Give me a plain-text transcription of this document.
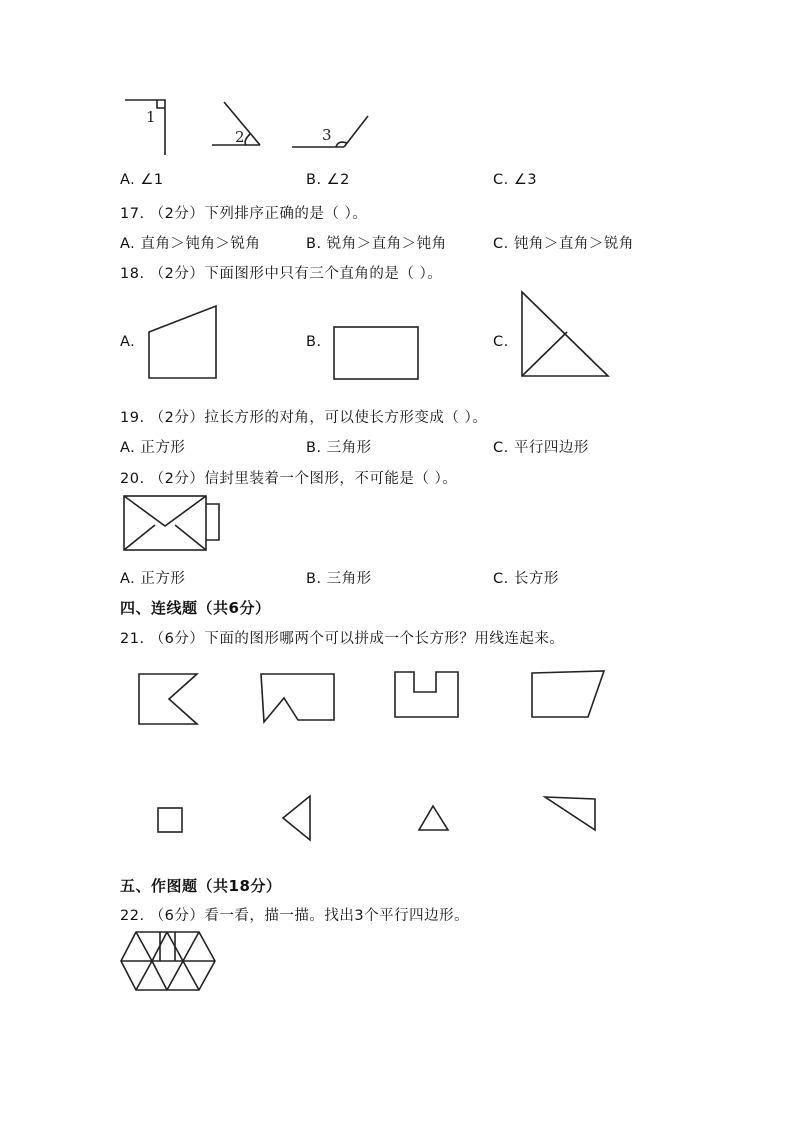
1
2	3
A. ∠1	B. ∠2	C. ∠3
17. （2分）下列排序正确的是（ ）。
A. 直角＞钝角＞锐角	B. 锐角＞直角＞钝角	C. 钝角＞直角＞锐角
18. （2分）下面图形中只有三个直角的是（ ）。
A.	B.	C.
19. （2分）拉长方形的对角，可以使长方形变成（ ）。
A. 正方形	B. 三角形	C. 平行四边形
20. （2分）信封里装着一个图形，不可能是（ ）。
A. 正方形	B. 三角形	C. 长方形
四、连线题（共6分）
21. （6分）下面的图形哪两个可以拼成一个长方形？用线连起来。
五、作图题（共18分）
22. （6分）看一看，描一描。找出3个平行四边形。
